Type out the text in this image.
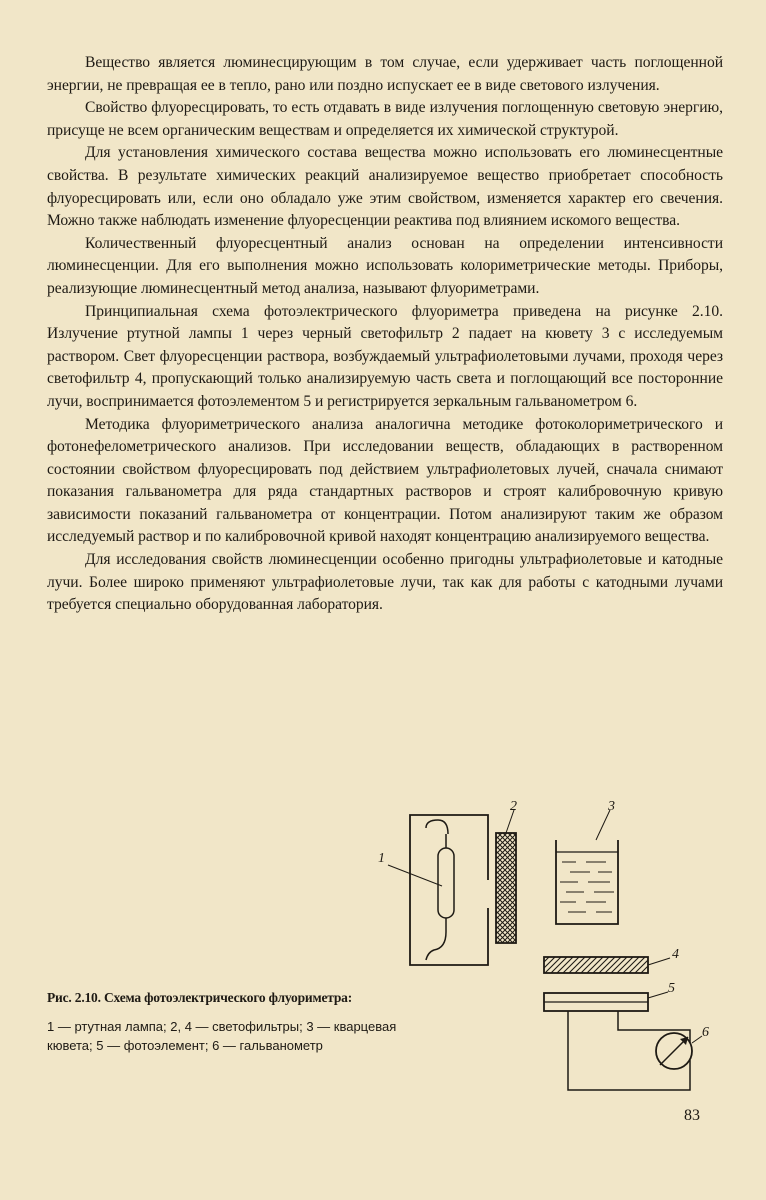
Вещество является люминесцирующим в том случае, если удерживает часть поглощенной энергии, не превращая ее в тепло, рано или поздно испускает ее в виде светового излучения.

Свойство флуоресцировать, то есть отдавать в виде излучения поглощенную световую энергию, присуще не всем органическим веществам и определяется их химической структурой.

Для установления химического состава вещества можно использовать его люминесцентные свойства. В результате химических реакций анализируемое вещество приобретает способность флуоресцировать или, если оно обладало уже этим свойством, изменяется характер его свечения. Можно также наблюдать изменение флуоресценции реактива под влиянием искомого вещества.

Количественный флуоресцентный анализ основан на определении интенсивности люминесценции. Для его выполнения можно использовать колориметрические методы. Приборы, реализующие люминесцентный метод анализа, называют флуориметрами.

Принципиальная схема фотоэлектрического флуориметра приведена на рисунке 2.10. Излучение ртутной лампы 1 через черный светофильтр 2 падает на кювету 3 с исследуемым раствором. Свет флуоресценции раствора, возбуждаемый ультрафиолетовыми лучами, проходя через светофильтр 4, пропускающий только анализируемую часть света и поглощающий все посторонние лучи, воспринимается фотоэлементом 5 и регистрируется зеркальным гальванометром 6.

Методика флуориметрического анализа аналогична методике фотоколориметрического и фотонефелометрического анализов. При исследовании веществ, обладающих в растворенном состоянии свойством флуоресцировать под действием ультрафиолетовых лучей, сначала снимают показания гальванометра для ряда стандартных растворов и строят калибровочную кривую зависимости показаний гальванометра от концентрации. Потом анализируют таким же образом исследуемый раствор и по калибровочной кривой находят концентрацию анализируемого вещества.

Для исследования свойств люминесценции особенно пригодны ультрафиолетовые и катодные лучи. Более широко применяют ультрафиолетовые лучи, так как для работы с катодными лучами требуется специально оборудованная лаборатория.

1
2	3
4
5
6
Рис. 2.10. Схема фотоэлектрического флуориметра:
1 — ртутная лампа; 2, 4 — светофильтры; 3 — кварцевая кювета; 5 — фотоэлемент; 6 — гальванометр
83
